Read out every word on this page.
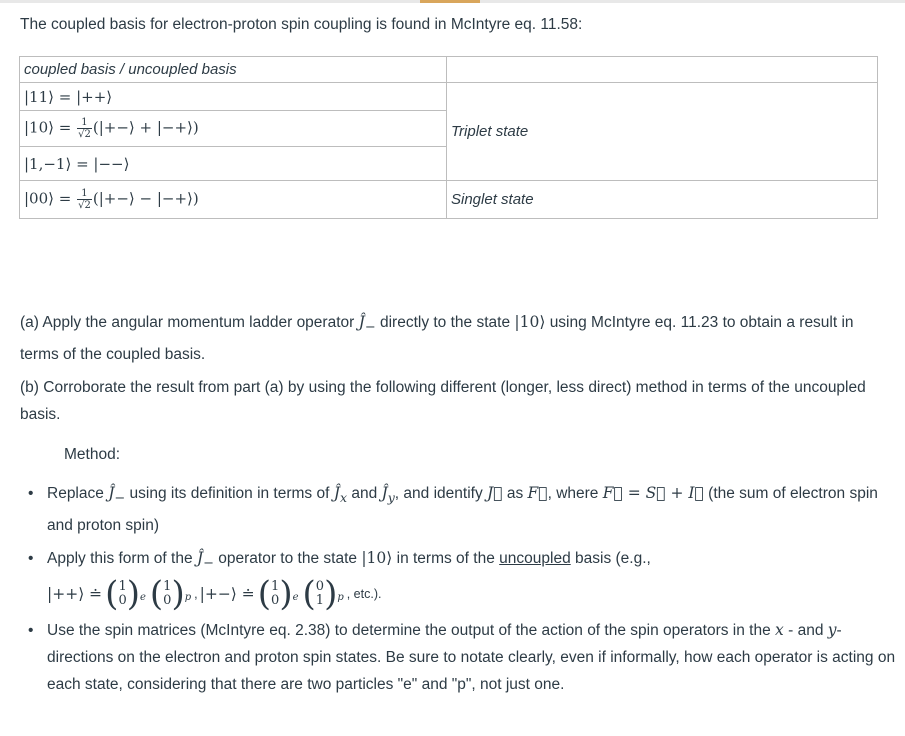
The coupled basis for electron-proton spin coupling is found in McIntyre eq. 11.58:
coupled basis / uncoupled basis	
|11⟩ = |++⟩	Triplet state
|10⟩ = $\frac{1}{√2}$ (|+−⟩ + |−+⟩)	
|1,−1⟩ = |−−⟩	
|00⟩ = $\frac{1}{√2}$ (|+−⟩ − |−+⟩)	Singlet state
(a) Apply the angular momentum ladder operator $Ĵ_-$ directly to the state |10⟩ using McIntyre eq. 11.23 to obtain a result in terms of the coupled basis.
(b) Corroborate the result from part (a) by using the following different (longer, less direct) method in terms of the uncoupled basis.
Method:
• Replace $Ĵ_-$ using its definition in terms of $Ĵ_x$ and $Ĵ_y$, and identify J⃗ as F⃗, where F⃗ = S⃗ + I⃗ (the sum of electron spin and proton spin)
• Apply this form of the $Ĵ_-$ operator to the state |10⟩ in terms of the uncoupled basis (e.g.,

|++⟩ ≐ ( 1
0 )$_e$ ( 1
0 )$_p$ , |+−⟩ ≐ ( 1
0 )$_e$ ( 0
1 )$_p$ , etc.).
• Use the spin matrices (McIntyre eq. 2.38) to determine the output of the action of the spin operators in the x - and y- directions on the electron and proton spin states. Be sure to notate clearly, even if informally, how each operator is acting on each state, considering that there are two particles "e" and "p", not just one.
